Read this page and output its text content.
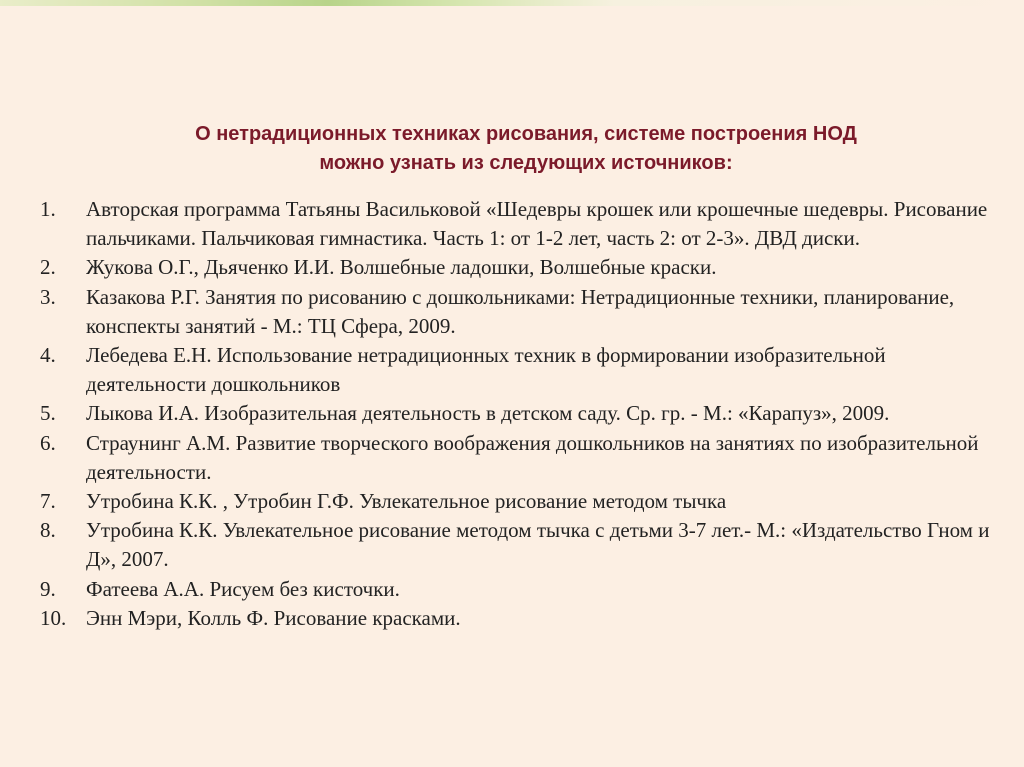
О нетрадиционных техниках рисования, системе построения НОД
можно узнать из следующих источников:
1. Авторская программа Татьяны Васильковой «Шедевры крошек или крошечные шедевры. Рисование пальчиками. Пальчиковая гимнастика. Часть 1: от 1-2 лет, часть 2: от 2-3». ДВД диски.
2. Жукова О.Г., Дьяченко И.И. Волшебные ладошки, Волшебные краски.
3. Казакова Р.Г. Занятия по рисованию с дошкольниками: Нетрадиционные техники, планирование, конспекты занятий - М.: ТЦ Сфера, 2009.
4. Лебедева Е.Н. Использование нетрадиционных техник в формировании изобразительной деятельности дошкольников
5. Лыкова И.А. Изобразительная деятельность в детском саду. Ср. гр. - М.: «Карапуз», 2009.
6. Страунинг А.М. Развитие творческого воображения дошкольников на занятиях по изобразительной деятельности.
7. Утробина К.К. , Утробин Г.Ф. Увлекательное рисование методом тычка
8. Утробина К.К. Увлекательное рисование методом тычка с детьми 3-7 лет.- М.: «Издательство Гном и Д», 2007.
9. Фатеева А.А. Рисуем без кисточки.
10. Энн Мэри, Колль Ф. Рисование красками.
